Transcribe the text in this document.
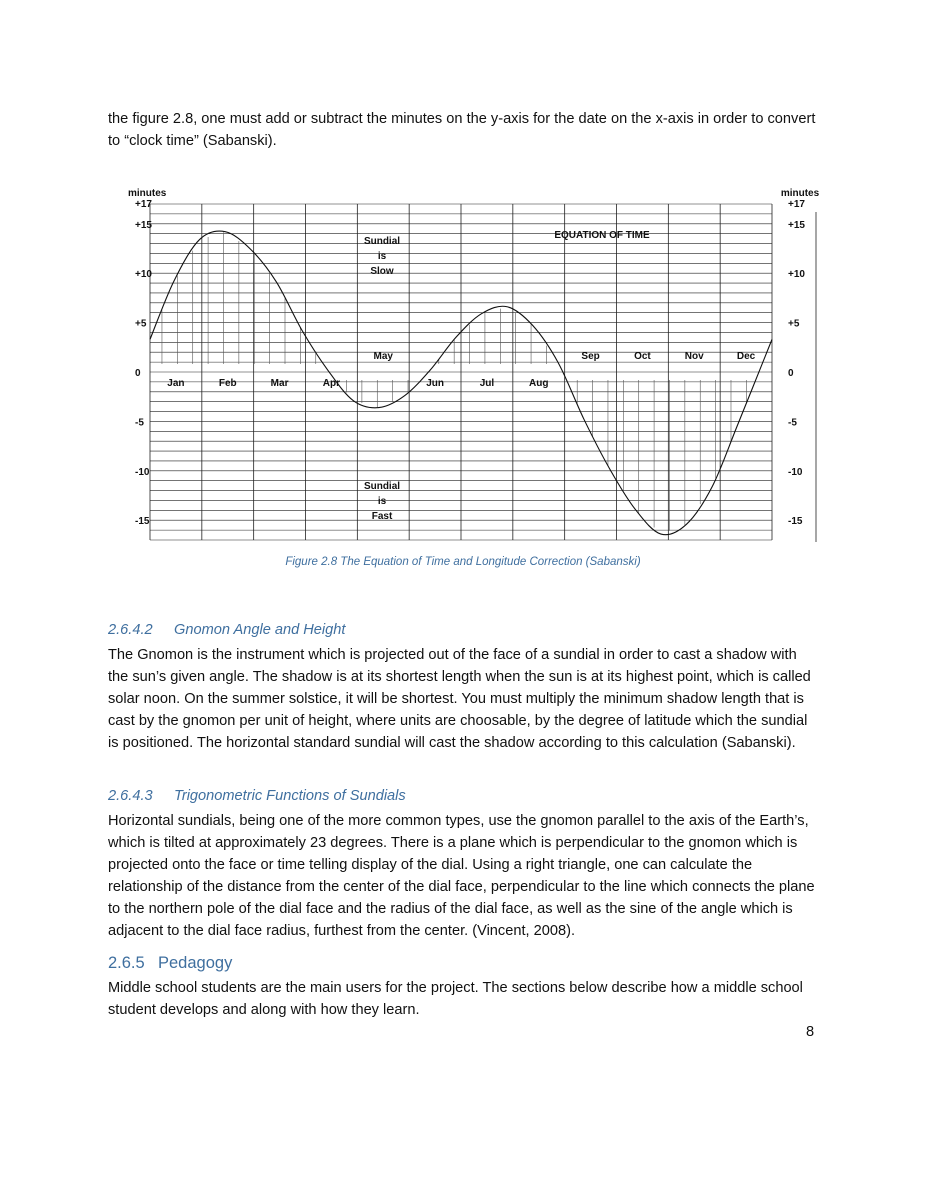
the figure 2.8, one must add or subtract the minutes on the y-axis for the date on the x-axis in order to convert to “clock time” (Sabanski).

minutes	minutes
+17	+17
+15	+15
+10	+10
+5	+5
0	0
-5	-5
-10	-10
-15	-15
EQUATION OF TIME
Sundial
is
Slow
Sundial
is
Fast
Jan	Feb	Mar	Apr	Jun	Jul	Aug
May	Sep	Oct	Nov	Dec
Figure 2.8 The Equation of Time and Longitude Correction (Sabanski)

2.6.4.2 Gnomon Angle and Height

The Gnomon is the instrument which is projected out of the face of a sundial in order to cast a shadow with the sun’s given angle. The shadow is at its shortest length when the sun is at its highest point, which is called solar noon. On the summer solstice, it will be shortest. You must multiply the minimum shadow length that is cast by the gnomon per unit of height, where units are choosable, by the degree of latitude which the sundial is positioned. The horizontal standard sundial will cast the shadow according to this calculation (Sabanski).

2.6.4.3 Trigonometric Functions of Sundials

Horizontal sundials, being one of the more common types, use the gnomon parallel to the axis of the Earth’s, which is tilted at approximately 23 degrees. There is a plane which is perpendicular to the gnomon which is projected onto the face or time telling display of the dial. Using a right triangle, one can calculate the relationship of the distance from the center of the dial face, perpendicular to the line which connects the plane to the northern pole of the dial face and the radius of the dial face, as well as the sine of the angle which is adjacent to the dial face radius, furthest from the center. (Vincent, 2008).

2.6.5 Pedagogy

Middle school students are the main users for the project. The sections below describe how a middle school student develops and along with how they learn.

8
